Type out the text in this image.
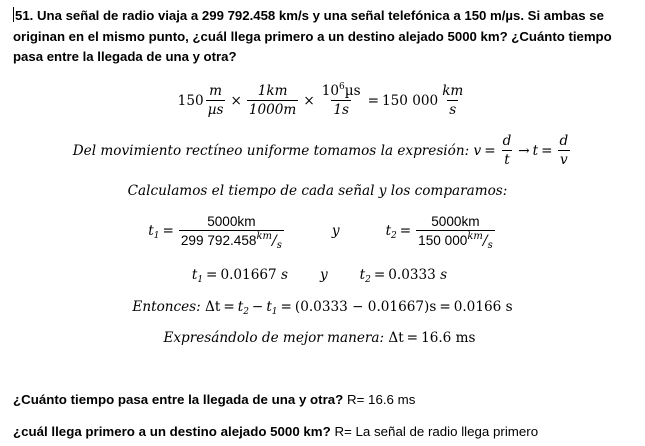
51. Una señal de radio viaja a 299 792.458 km/s y una señal telefónica a 150 m/µs. Si ambas se originan en el mismo punto, ¿cuál llega primero a un destino alejado 5000 km? ¿Cuánto tiempo pasa entre la llegada de una y otra?
$150 \frac{m}{\text{µs}} \times \frac{1km}{1000m} \times \frac{10^6\mu s}{1s} = 150$ $000 \frac{km}{s}$
Del movimiento rectíneo uniforme tomamos la expresión:
$v = \frac{d}{t} \to t = \frac{d}{v}$
Calculamos el tiempo de cada señal y los comparamos:
$t_1 = \frac{5000km}{299 792.458^{km}/_s}$	y	$t_2 = \frac{5000km}{150 000^{km}/_s}$
$t_1 = 0.01667$
s y $t_2 = 0.0333$
s
Entonces:
$\Delta t = t_2 - t_1 = (0.0333 - 0.01667)s = 0.0166$ s
Expresándolo de mejor manera:
Δt = 16.6 ms
¿Cuánto tiempo pasa entre la llegada de una y otra? R= 16.6 ms
¿cuál llega primero a un destino alejado 5000 km? R= La señal de radio llega primero
